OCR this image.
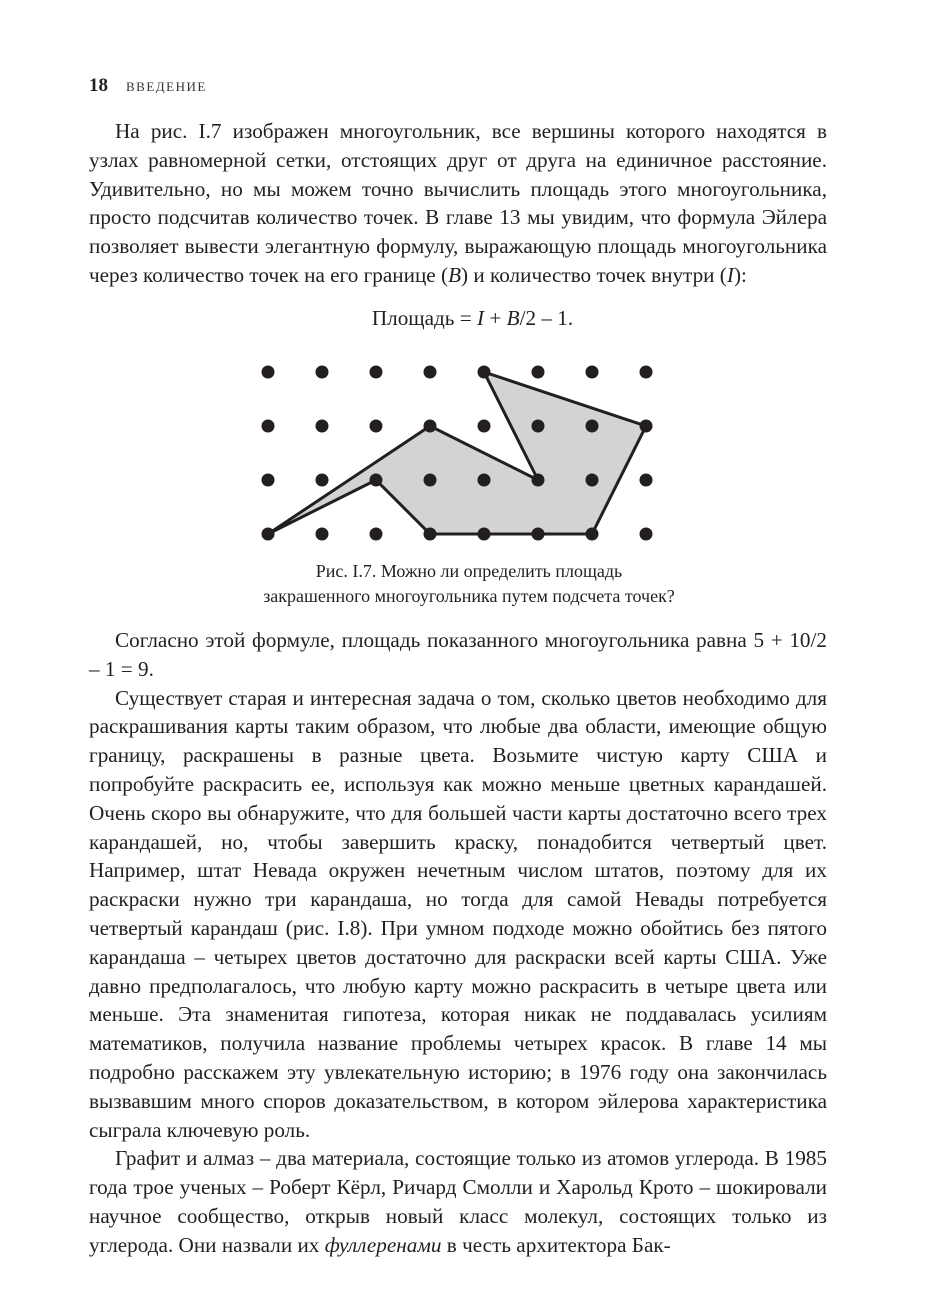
18 ВВЕДЕНИЕ

На рис. I.7 изображен многоугольник, все вершины которого находятся в узлах равномерной сетки, отстоящих друг от друга на единичное расстояние. Удивительно, но мы можем точно вычислить площадь этого многоугольника, просто подсчитав количество точек. В главе 13 мы увидим, что формула Эйлера позволяет вывести элегантную формулу, выражающую площадь многоугольника через количество точек на его границе (B) и количество точек внутри (I):

Площадь = I + B/2 – 1.
Рис. I.7. Можно ли определить площадь
закрашенного многоугольника путем подсчета точек?

Согласно этой формуле, площадь показанного многоугольника равна 5 + 10/2 – 1 = 9.

Существует старая и интересная задача о том, сколько цветов необходимо для раскрашивания карты таким образом, что любые два области, имеющие общую границу, раскрашены в разные цвета. Возьмите чистую карту США и попробуйте раскрасить ее, используя как можно меньше цветных карандашей. Очень скоро вы обнаружите, что для большей части карты достаточно всего трех карандашей, но, чтобы завершить краску, понадобится четвертый цвет. Например, штат Невада окружен нечетным числом штатов, поэтому для их раскраски нужно три карандаша, но тогда для самой Невады потребуется четвертый карандаш (рис. I.8). При умном подходе можно обойтись без пятого карандаша – четырех цветов достаточно для раскраски всей карты США. Уже давно предполагалось, что любую карту можно раскрасить в четыре цвета или меньше. Эта знаменитая гипотеза, которая никак не поддавалась усилиям математиков, получила название проблемы четырех красок. В главе 14 мы подробно расскажем эту увлекательную историю; в 1976 году она закончилась вызвавшим много споров доказательством, в котором эйлерова характеристика сыграла ключевую роль.

Графит и алмаз – два материала, состоящие только из атомов углерода. В 1985 года трое ученых – Роберт Кёрл, Ричард Смолли и Харольд Крото – шокировали научное сообщество, открыв новый класс молекул, состоящих только из углерода. Они назвали их фуллеренами в честь архитектора Бак-
